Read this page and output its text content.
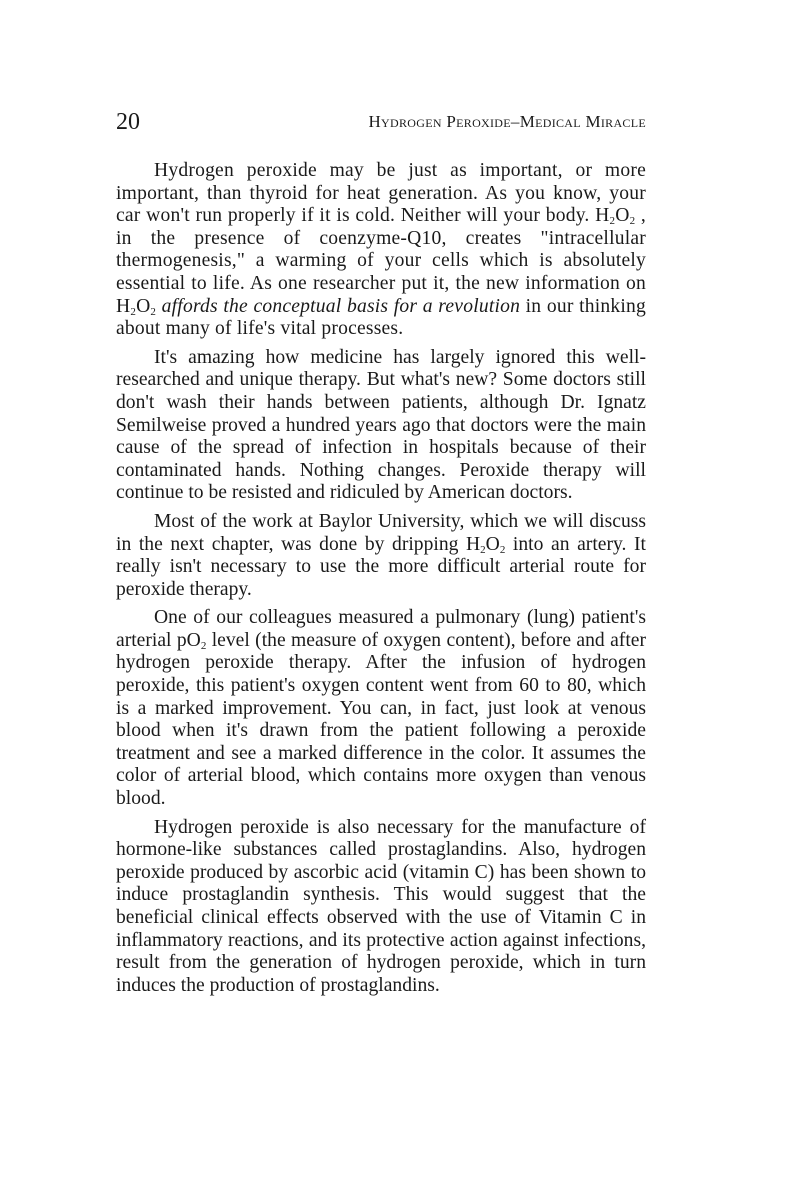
20	Hydrogen Peroxide–Medical Miracle

Hydrogen peroxide may be just as important, or more important, than thyroid for heat generation. As you know, your car won't run properly if it is cold. Neither will your body. $H_2O_2$ , in the presence of coenzyme-Q10, creates "intracellular thermogenesis," a warming of your cells which is absolutely essential to life. As one researcher put it, the new information on $H_2O_2$ affords the conceptual basis for a revolution in our thinking about many of life's vital processes.

It's amazing how medicine has largely ignored this well-researched and unique therapy. But what's new? Some doctors still don't wash their hands between patients, although Dr. Ignatz Semilweise proved a hundred years ago that doctors were the main cause of the spread of infection in hospitals because of their contaminated hands. Nothing changes. Peroxide therapy will continue to be resisted and ridiculed by American doctors.

Most of the work at Baylor University, which we will discuss in the next chapter, was done by dripping $H_2O_2$ into an artery. It really isn't necessary to use the more difficult arterial route for peroxide therapy.

One of our colleagues measured a pulmonary (lung) patient's arterial $pO_2$ level (the measure of oxygen content), before and after hydrogen peroxide therapy. After the infusion of hydrogen peroxide, this patient's oxygen content went from 60 to 80, which is a marked improvement. You can, in fact, just look at venous blood when it's drawn from the patient following a peroxide treatment and see a marked difference in the color. It assumes the color of arterial blood, which contains more oxygen than venous blood.

Hydrogen peroxide is also necessary for the manufacture of hormone-like substances called prostaglandins. Also, hydrogen peroxide produced by ascorbic acid (vitamin C) has been shown to induce prostaglandin synthesis. This would suggest that the beneficial clinical effects observed with the use of Vitamin C in inflammatory reactions, and its protective action against infections, result from the generation of hydrogen peroxide, which in turn induces the production of prostaglandins.
